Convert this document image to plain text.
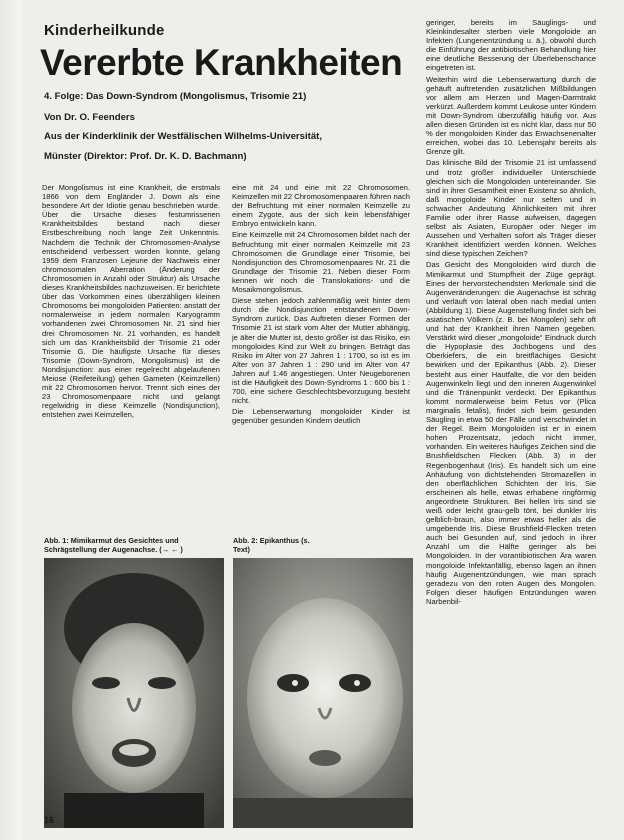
Kinderheilkunde
Vererbte Krankheiten
4. Folge: Das Down-Syndrom (Mongolismus, Trisomie 21)
Von Dr. O. Feenders
Aus der Kinderklinik der Westfälischen Wilhelms-Universität,
Münster (Direktor: Prof. Dr. K. D. Bachmann)

Der Mongolismus ist eine Krankheit, die erstmals 1866 von dem Engländer J. Down als eine besondere Art der Idiotie genau beschrieben wurde. Über die Ursache dieses festumrissenen Krankheitsbildes bestand nach dieser Erstbeschreibung noch lange Zeit Unkenntnis. Nachdem die Technik der Chromosomen-Analyse entscheidend verbessert worden konnte, gelang 1959 dem Franzosen Lejeune der Nachweis einer chromosomalen Aberration (Änderung der Chromosomen in Anzahl oder Struktur) als Ursache dieses Krankheitsbildes nachzuweisen. Er berichtete über das Vorkommen eines überzähligen kleinen Chromosoms bei mongoloiden Patienten: anstatt der normalerweise in jedem normalen Karyogramm vorhandenen zwei Chromosomen Nr. 21 sind hier drei Chromosomen Nr. 21 vorhanden, es handelt sich um das Krankheitsbild der Trisomie 21 oder Trisomie G. Die häufigste Ursache für dieses Trisomie (Down-Syndrom, Mongolismus) ist die Nondisjunction: aus einer regelrecht abgelaufenen Meiose (Reifeteilung) gehen Gameten (Keimzellen) mit 22 Chromosomen hervor. Trennt sich eines der 23 Chromosomenpaare nicht und gelangt regelwidrig in diese Keimzelle (Nondisjunction), entstehen zwei Keimzellen,

eine mit 24 und eine mit 22 Chromosomen. Keimzellen mit 22 Chromosomenpaaren führen nach der Befruchtung mit einer normalen Keimzelle zu einem Zygote, aus der sich kein lebensfähiger Embryo entwickeln kann.

Eine Keimzelle mit 24 Chromosomen bildet nach der Befruchtung mit einer normalen Keimzelle mit 23 Chromosomen die Grundlage einer Trisomie, bei Nondisjunction des Chromosomenpaares Nr. 21 die Grundlage der Trisomie 21. Neben dieser Form kennen wir noch die Translokations- und die Mosaikmongolismus.

Diese stehen jedoch zahlenmäßig weit hinter dem durch die Nondisjunction entstandenen Down-Syndrom zurück. Das Auftreten dieser Formen der Trisomie 21 ist stark vom Alter der Mutter abhängig, je älter die Mutter ist, desto größer ist das Risiko, ein mongoloides Kind zur Welt zu bringen. Beträgt das Risiko im Alter von 27 Jahren 1 : 1700, so ist es im Alter von 37 Jahren 1 : 290 und im Alter von 47 Jahren auf 1:46 angestiegen. Unter Neugeborenen ist die Häufigkeit des Down-Syndroms 1 : 600 bis 1 : 700, eine sichere Geschlechtsbevorzugung besteht nicht.

Die Lebenserwartung mongoloider Kinder ist gegenüber gesunden Kindern deutlich

geringer, bereits im Säuglings- und Kleinkindesalter sterben viele Mongoloide an Infekten (Lungenentzündung u. ä.), obwohl durch die Einführung der antibiotischen Behandlung hier eine deutliche Besserung der Überlebenschance eingetreten ist.

Weiterhin wird die Lebenserwartung durch die gehäuft auftretenden zusätzlichen Mißbildungen vor allem am Herzen und Magen-Darmtrakt verkürzt. Außerdem kommt Leukose unter Kindern mit Down-Syndrom überzufällig häufig vor. Aus allen diesen Gründen ist es nicht klar, dass nur 50 % der mongoloiden Kinder das Erwachsenenalter erreichen, wobei das 10. Lebensjahr bereits als Grenze gilt.

Das klinische Bild der Trisomie 21 ist umfassend und trotz großer individueller Unterschiede gleichen sich die Mongoloiden untereinander. Sie sind in ihrer Gesamtheit einer Existenz so ähnlich, daß mongoloide Kinder nur selten und in schwacher Andeutung Ähnlichkeiten mit ihrer Familie oder ihrer Rasse aufweisen, dagegen selbst als Asiaten, Europäer oder Neger im Aussehen und Verhalten sofort als Träger dieser Krankheit identifiziert werden können. Welches sind diese typischen Zeichen?

Das Gesicht des Mongoloiden wird durch die Mimikarmut und Stumpfheit der Züge geprägt. Eines der hervorstechendsten Merkmale sind die Augenveränderungen: die Augenachse ist schräg und verläuft von lateral oben nach medial unten (Abbildung 1). Diese Augenstellung findet sich bei asiatischen Völkern (z. B. bei Mongolen) sehr oft und hat der Krankheit ihren Namen gegeben. Verstärkt wird dieser „mongoloide“ Eindruck durch die Hypoplasie des Jochbogens und des Oberkiefers, die ein breitflächiges Gesicht bewirken und der Epikanthus (Abb. 2). Dieser besteht aus einer Hautfalte, die vor den beiden Augenwinkeln liegt und den inneren Augenwinkel und die Tränenpunkt verdeckt. Der Epikanthus kommt normalerweise beim Fetus vor (Plica marginalis fetalis), findet sich beim gesunden Säugling in etwa 50 der Fälle und verschwindet in der Regel. Beim Mongoloiden ist er in einem hohen Prozentsatz, jedoch nicht immer, vorhanden. Ein weiteres häufiges Zeichen sind die Brushfieldschen Flecken (Abb. 3) in der Regenbogenhaut (Iris). Es handelt sich um eine Anhäufung von dichtstehenden Stromazellen in den oberflächlichen Schichten der Iris. Sie erscheinen als helle, etwas erhabene ringförmig angeordnete Strukturen. Bei hellen Iris sind sie weiß oder leicht grau-gelb tönt, bei dunkler Iris gelblich-braun, also immer etwas heller als die umgebende Iris. Diese Brushfield-Flecken treten auch bei Gesunden auf, sind jedoch in ihrer Anzahl um die Hälfte geringer als bei Mongoloiden. In der vorantibiotischen Ära waren mongoloide Infektanfällig, ebenso lagen an ihnen häufig Augenentzündungen, wie man sprach geradezu von den roten Augen des Mongolen. Folgen dieser häufigen Entzündungen waren Narbenbil-

Abb. 1: Mimikarmut des Gesichtes und Schrägstellung der Augenachse. (→ ← )
Abb. 2: Epikanthus (s. Text)
16
